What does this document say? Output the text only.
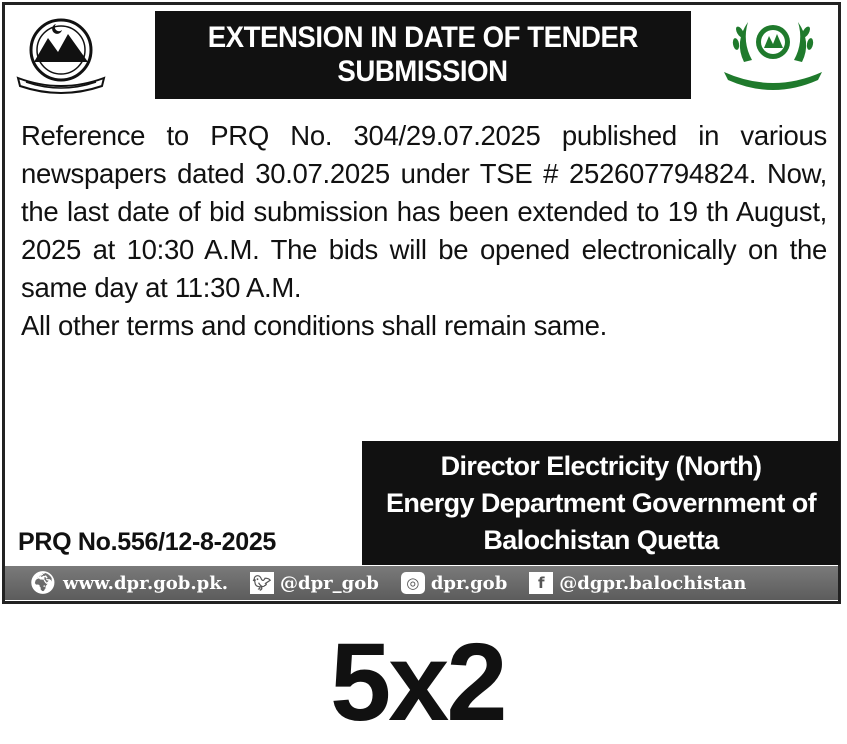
EXTENSION IN DATE OF TENDER
SUBMISSION

Reference to PRQ No. 304/29.07.2025 published in various newspapers dated 30.07.2025 under TSE # 252607794824. Now, the last date of bid submission has been extended to 19 th August, 2025 at 10:30 A.M. The bids will be opened electronically on the same day at 11:30 A.M.

All other terms and conditions shall remain same.

Director Electricity (North)
Energy Department Government of
Balochistan Quetta
PRQ No.556/12-8-2025
🌍︎ www.dpr.gob.pk. 🐦︎ @dpr_gob	◎ dpr.gob	f @dgpr.balochistan
5x2
